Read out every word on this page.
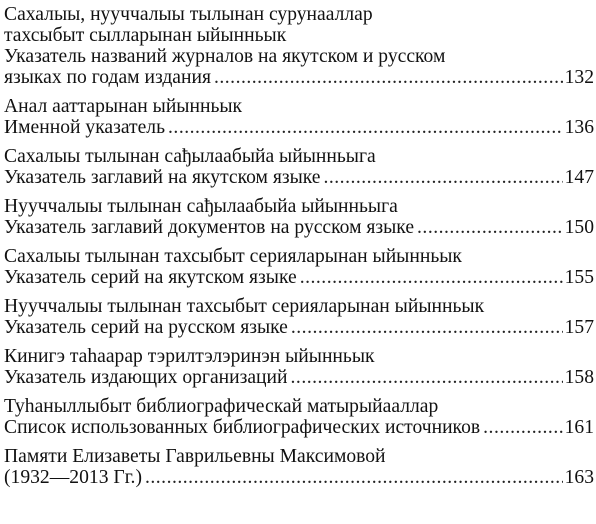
Сахалыы, нууччалыы тылынан сурунааллар
тахсыбыт сылларынан ыйынньык
Указатель названий журналов на якутском и русском
языках по годам издания .....	132
Анал ааттарынан ыйынньык
Именной указатель .....	136
Сахалыы тылынан сађылаабыйа ыйынньыга
Указатель заглавий на якутском языке .....	147
Нууччалыы тылынан сађылаабыйа ыйынньыга
Указатель заглавий документов на русском языке .....	150
Сахалыы тылынан тахсыбыт серияларынан ыйынньык
Указатель серий на якутском языке .....	155
Нууччалыы тылынан тахсыбыт серияларынан ыйынньык
Указатель серий на русском языке .....	157
Кинигэ таhаарар тэрилтэлэринэн ыйынньык
Указатель издающих организаций .....	158
Туhаныллыбыт библиографическай матырыйааллар
Список использованных библиографических источников .....	161
Памяти Елизаветы Гаврильевны Максимовой
(1932—2013 Гг.) .....	163
